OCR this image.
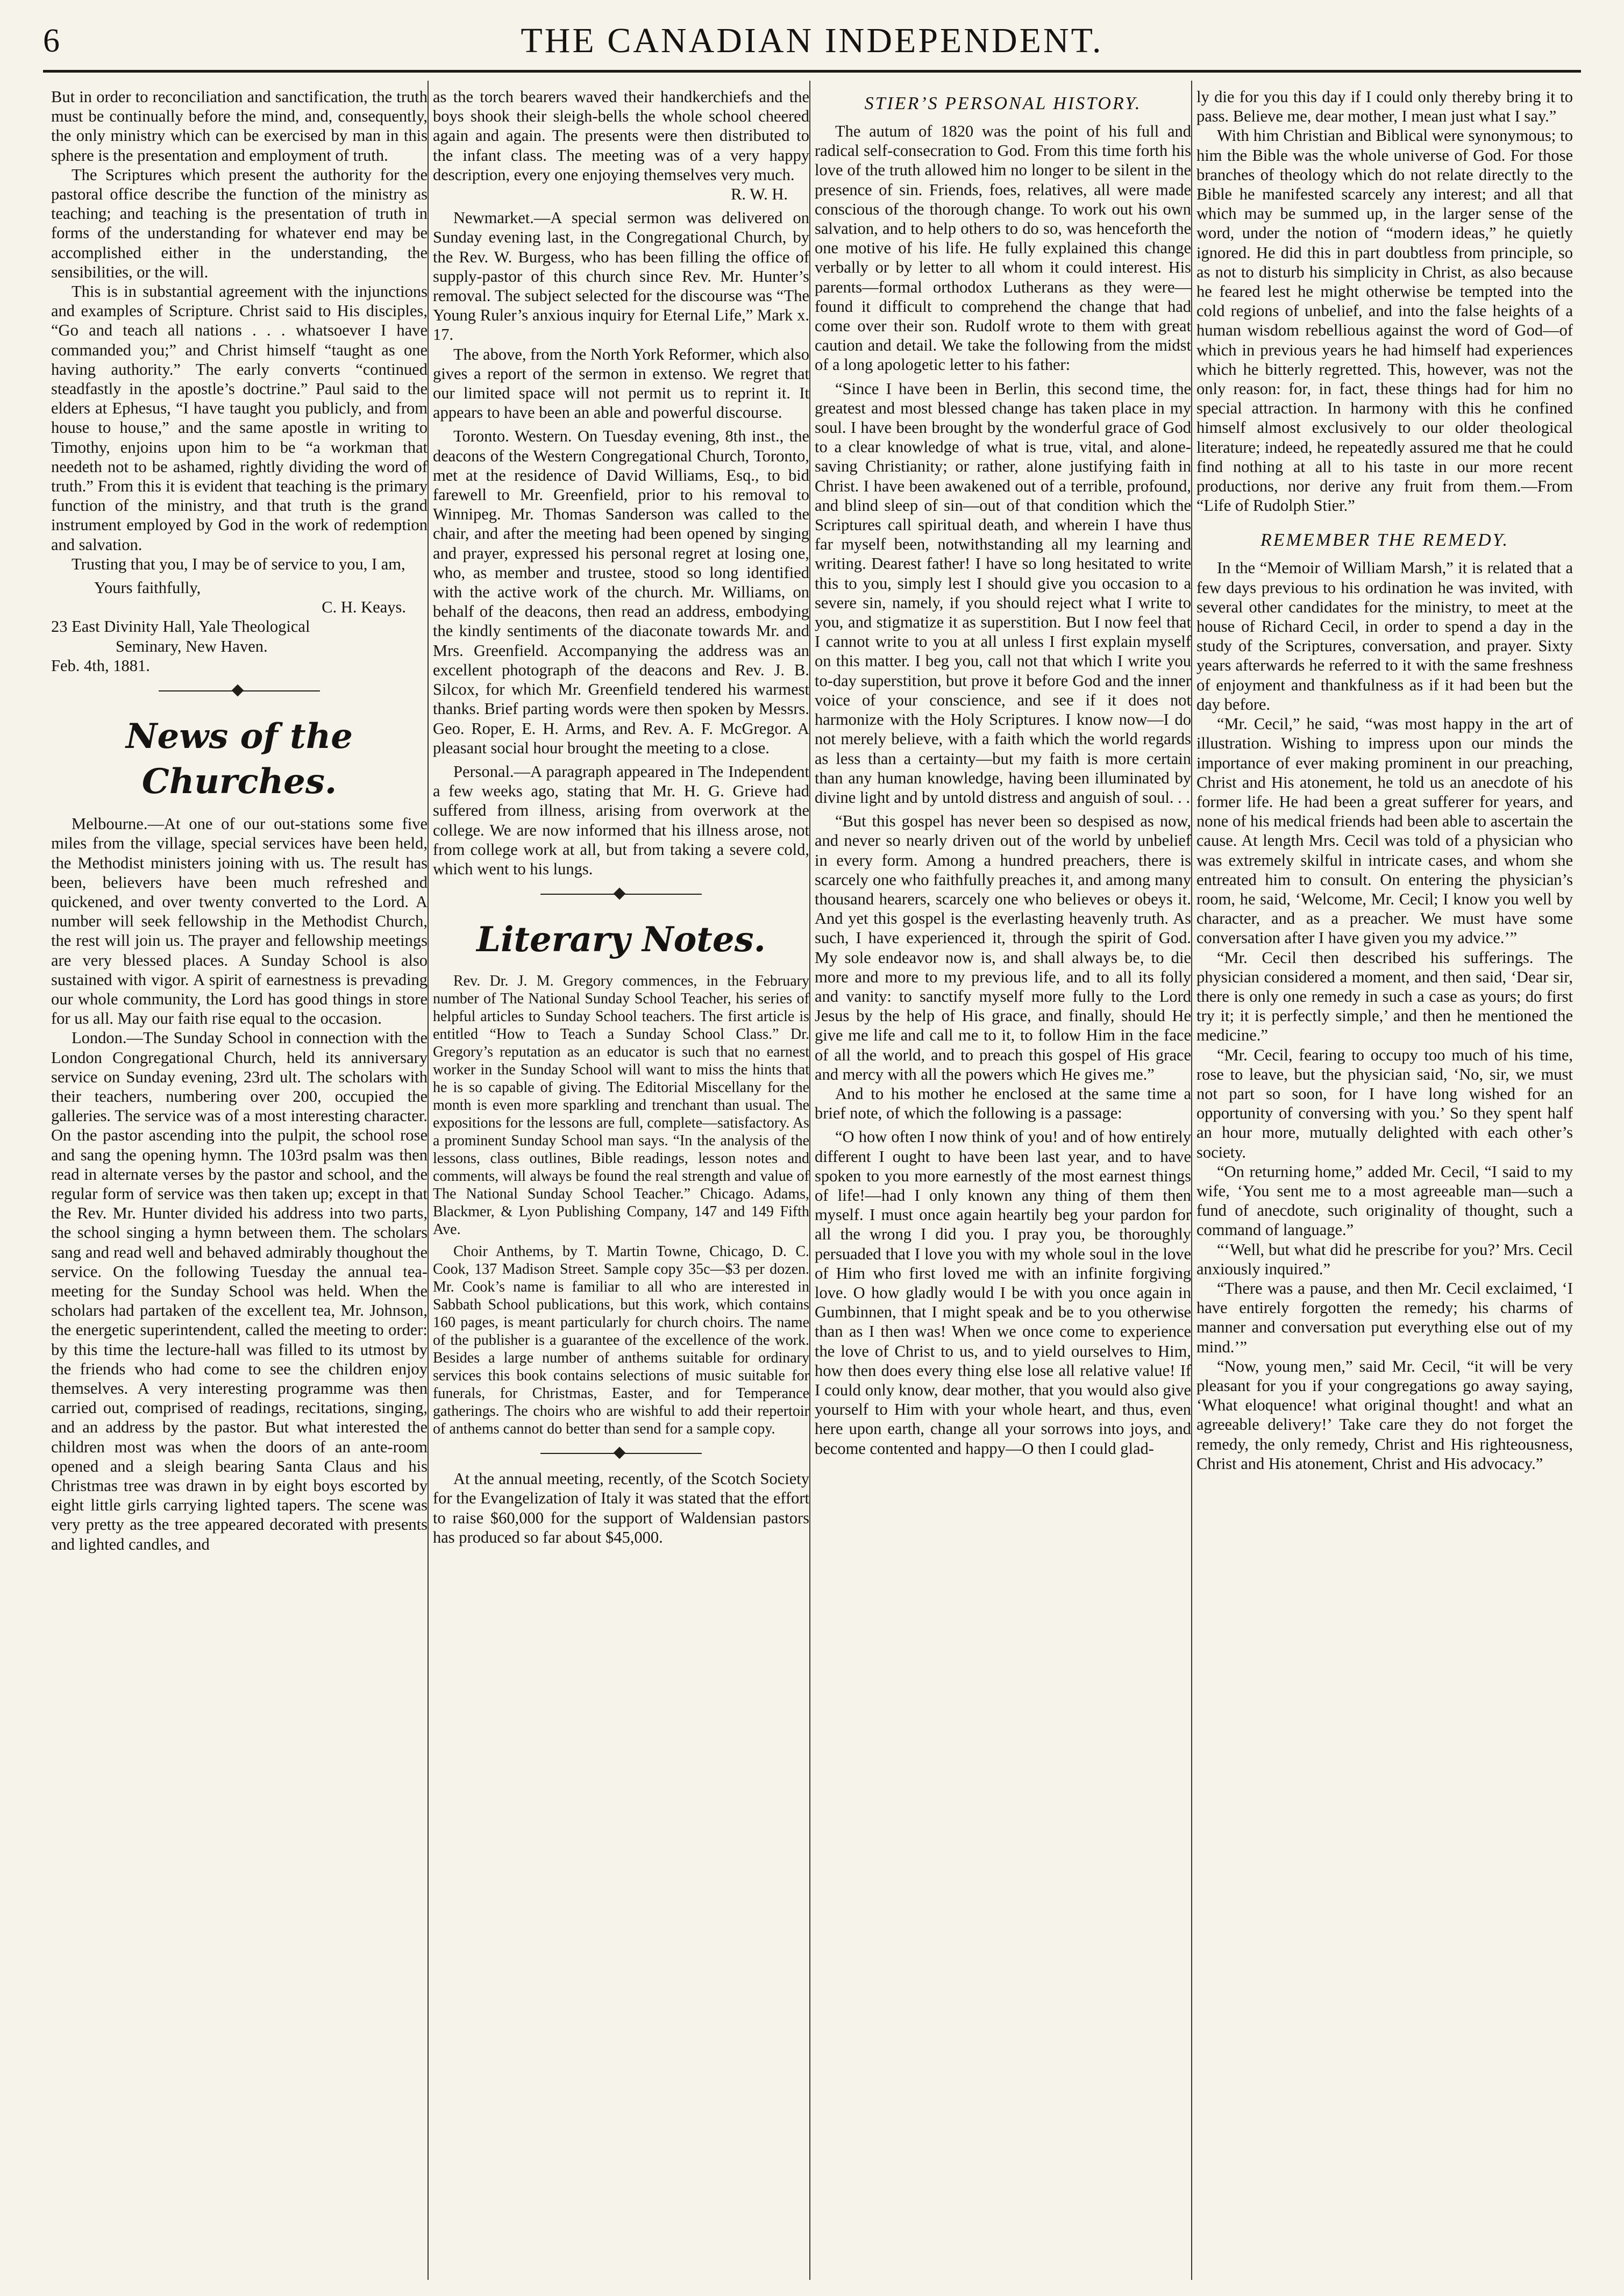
6	THE CANADIAN INDEPENDENT.

But in order to reconciliation and sanctification, the truth must be continually before the mind, and, consequently, the only ministry which can be exercised by man in this sphere is the presentation and employment of truth.

The Scriptures which present the authority for the pastoral office describe the function of the ministry as teaching; and teaching is the presentation of truth in forms of the understanding for whatever end may be accomplished either in the understanding, the sensibilities, or the will.

This is in substantial agreement with the injunctions and examples of Scripture. Christ said to His disciples, “Go and teach all nations . . . whatsoever I have commanded you;” and Christ himself “taught as one having authority.” The early converts “continued steadfastly in the apostle’s doctrine.” Paul said to the elders at Ephesus, “I have taught you publicly, and from house to house,” and the same apostle in writing to Timothy, enjoins upon him to be “a workman that needeth not to be ashamed, rightly dividing the word of truth.” From this it is evident that teaching is the primary function of the ministry, and that truth is the grand instrument employed by God in the work of redemption and salvation.

Trusting that you, I may be of service to you, I am,

Yours faithfully,

C. H. Keays.

23 East Divinity Hall, Yale Theological

Seminary, New Haven.

Feb. 4th, 1881.

News of the Churches.

Melbourne.—At one of our out-stations some five miles from the village, special services have been held, the Methodist ministers joining with us. The result has been, believers have been much refreshed and quickened, and over twenty converted to the Lord. A number will seek fellowship in the Methodist Church, the rest will join us. The prayer and fellowship meetings are very blessed places. A Sunday School is also sustained with vigor. A spirit of earnestness is prevading our whole community, the Lord has good things in store for us all. May our faith rise equal to the occasion.

London.—The Sunday School in connection with the London Congregational Church, held its anniversary service on Sunday evening, 23rd ult. The scholars with their teachers, numbering over 200, occupied the galleries. The service was of a most interesting character. On the pastor ascending into the pulpit, the school rose and sang the opening hymn. The 103rd psalm was then read in alternate verses by the pastor and school, and the regular form of service was then taken up; except in that the Rev. Mr. Hunter divided his address into two parts, the school singing a hymn between them. The scholars sang and read well and behaved admirably thoughout the service. On the following Tuesday the annual tea-meeting for the Sunday School was held. When the scholars had partaken of the excellent tea, Mr. Johnson, the energetic superintendent, called the meeting to order: by this time the lecture-hall was filled to its utmost by the friends who had come to see the children enjoy themselves. A very interesting programme was then carried out, comprised of readings, recitations, singing, and an address by the pastor. But what interested the children most was when the doors of an ante-room opened and a sleigh bearing Santa Claus and his Christmas tree was drawn in by eight boys escorted by eight little girls carrying lighted tapers. The scene was very pretty as the tree appeared decorated with presents and lighted candles, and

as the torch bearers waved their handkerchiefs and the boys shook their sleigh-bells the whole school cheered again and again. The presents were then distributed to the infant class. The meeting was of a very happy description, every one enjoying themselves very much.

R. W. H.

Newmarket.—A special sermon was delivered on Sunday evening last, in the Congregational Church, by the Rev. W. Burgess, who has been filling the office of supply-pastor of this church since Rev. Mr. Hunter’s removal. The subject selected for the discourse was “The Young Ruler’s anxious inquiry for Eternal Life,” Mark x. 17.

The above, from the North York Reformer, which also gives a report of the sermon in extenso. We regret that our limited space will not permit us to reprint it. It appears to have been an able and powerful discourse.

Toronto. Western. On Tuesday evening, 8th inst., the deacons of the Western Congregational Church, Toronto, met at the residence of David Williams, Esq., to bid farewell to Mr. Greenfield, prior to his removal to Winnipeg. Mr. Thomas Sanderson was called to the chair, and after the meeting had been opened by singing and prayer, expressed his personal regret at losing one, who, as member and trustee, stood so long identified with the active work of the church. Mr. Williams, on behalf of the deacons, then read an address, embodying the kindly sentiments of the diaconate towards Mr. and Mrs. Greenfield. Accompanying the address was an excellent photograph of the deacons and Rev. J. B. Silcox, for which Mr. Greenfield tendered his warmest thanks. Brief parting words were then spoken by Messrs. Geo. Roper, E. H. Arms, and Rev. A. F. McGregor. A pleasant social hour brought the meeting to a close.

Personal.—A paragraph appeared in The Independent a few weeks ago, stating that Mr. H. G. Grieve had suffered from illness, arising from overwork at the college. We are now informed that his illness arose, not from college work at all, but from taking a severe cold, which went to his lungs.

Literary Notes.

Rev. Dr. J. M. Gregory commences, in the February number of The National Sunday School Teacher, his series of helpful articles to Sunday School teachers. The first article is entitled “How to Teach a Sunday School Class.” Dr. Gregory’s reputation as an educator is such that no earnest worker in the Sunday School will want to miss the hints that he is so capable of giving. The Editorial Miscellany for the month is even more sparkling and trenchant than usual. The expositions for the lessons are full, complete—satisfactory. As a prominent Sunday School man says. “In the analysis of the lessons, class outlines, Bible readings, lesson notes and comments, will always be found the real strength and value of The National Sunday School Teacher.” Chicago. Adams, Blackmer, & Lyon Publishing Company, 147 and 149 Fifth Ave.

Choir Anthems, by T. Martin Towne, Chicago, D. C. Cook, 137 Madison Street. Sample copy 35c—$3 per dozen. Mr. Cook’s name is familiar to all who are interested in Sabbath School publications, but this work, which contains 160 pages, is meant particularly for church choirs. The name of the publisher is a guarantee of the excellence of the work. Besides a large number of anthems suitable for ordinary services this book contains selections of music suitable for funerals, for Christmas, Easter, and for Temperance gatherings. The choirs who are wishful to add their repertoir of anthems cannot do better than send for a sample copy.

At the annual meeting, recently, of the Scotch Society for the Evangelization of Italy it was stated that the effort to raise $60,000 for the support of Waldensian pastors has produced so far about $45,000.

STIER’S PERSONAL HISTORY.

The autum of 1820 was the point of his full and radical self-consecration to God. From this time forth his love of the truth allowed him no longer to be silent in the presence of sin. Friends, foes, relatives, all were made conscious of the thorough change. To work out his own salvation, and to help others to do so, was henceforth the one motive of his life. He fully explained this change verbally or by letter to all whom it could interest. His parents—formal orthodox Lutherans as they were—found it difficult to comprehend the change that had come over their son. Rudolf wrote to them with great caution and detail. We take the following from the midst of a long apologetic letter to his father:

“Since I have been in Berlin, this second time, the greatest and most blessed change has taken place in my soul. I have been brought by the wonderful grace of God to a clear knowledge of what is true, vital, and alone-saving Christianity; or rather, alone justifying faith in Christ. I have been awakened out of a terrible, profound, and blind sleep of sin—out of that condition which the Scriptures call spiritual death, and wherein I have thus far myself been, notwithstanding all my learning and writing. Dearest father! I have so long hesitated to write this to you, simply lest I should give you occasion to a severe sin, namely, if you should reject what I write to you, and stigmatize it as superstition. But I now feel that I cannot write to you at all unless I first explain myself on this matter. I beg you, call not that which I write you to-day superstition, but prove it before God and the inner voice of your conscience, and see if it does not harmonize with the Holy Scriptures. I know now—I do not merely believe, with a faith which the world regards as less than a certainty—but my faith is more certain than any human knowledge, having been illuminated by divine light and by untold distress and anguish of soul. . .

“But this gospel has never been so despised as now, and never so nearly driven out of the world by unbelief in every form. Among a hundred preachers, there is scarcely one who faithfully preaches it, and among many thousand hearers, scarcely one who believes or obeys it. And yet this gospel is the everlasting heavenly truth. As such, I have experienced it, through the spirit of God. My sole endeavor now is, and shall always be, to die more and more to my previous life, and to all its folly and vanity: to sanctify myself more fully to the Lord Jesus by the help of His grace, and finally, should He give me life and call me to it, to follow Him in the face of all the world, and to preach this gospel of His grace and mercy with all the powers which He gives me.”

And to his mother he enclosed at the same time a brief note, of which the following is a passage:

“O how often I now think of you! and of how entirely different I ought to have been last year, and to have spoken to you more earnestly of the most earnest things of life!—had I only known any thing of them then myself. I must once again heartily beg your pardon for all the wrong I did you. I pray you, be thoroughly persuaded that I love you with my whole soul in the love of Him who first loved me with an infinite forgiving love. O how gladly would I be with you once again in Gumbinnen, that I might speak and be to you otherwise than as I then was! When we once come to experience the love of Christ to us, and to yield ourselves to Him, how then does every thing else lose all relative value! If I could only know, dear mother, that you would also give yourself to Him with your whole heart, and thus, even here upon earth, change all your sorrows into joys, and become contented and happy—O then I could glad-

ly die for you this day if I could only thereby bring it to pass. Believe me, dear mother, I mean just what I say.”

With him Christian and Biblical were synonymous; to him the Bible was the whole universe of God. For those branches of theology which do not relate directly to the Bible he manifested scarcely any interest; and all that which may be summed up, in the larger sense of the word, under the notion of “modern ideas,” he quietly ignored. He did this in part doubtless from principle, so as not to disturb his simplicity in Christ, as also because he feared lest he might otherwise be tempted into the cold regions of unbelief, and into the false heights of a human wisdom rebellious against the word of God—of which in previous years he had himself had experiences which he bitterly regretted. This, however, was not the only reason: for, in fact, these things had for him no special attraction. In harmony with this he confined himself almost exclusively to our older theological literature; indeed, he repeatedly assured me that he could find nothing at all to his taste in our more recent productions, nor derive any fruit from them.—From “Life of Rudolph Stier.”

REMEMBER THE REMEDY.

In the “Memoir of William Marsh,” it is related that a few days previous to his ordination he was invited, with several other candidates for the ministry, to meet at the house of Richard Cecil, in order to spend a day in the study of the Scriptures, conversation, and prayer. Sixty years afterwards he referred to it with the same freshness of enjoyment and thankfulness as if it had been but the day before.

“Mr. Cecil,” he said, “was most happy in the art of illustration. Wishing to impress upon our minds the importance of ever making prominent in our preaching, Christ and His atonement, he told us an anecdote of his former life. He had been a great sufferer for years, and none of his medical friends had been able to ascertain the cause. At length Mrs. Cecil was told of a physician who was extremely skilful in intricate cases, and whom she entreated him to consult. On entering the physician’s room, he said, ‘Welcome, Mr. Cecil; I know you well by character, and as a preacher. We must have some conversation after I have given you my advice.’”

“Mr. Cecil then described his sufferings. The physician considered a moment, and then said, ‘Dear sir, there is only one remedy in such a case as yours; do first try it; it is perfectly simple,’ and then he mentioned the medicine.”

“Mr. Cecil, fearing to occupy too much of his time, rose to leave, but the physician said, ‘No, sir, we must not part so soon, for I have long wished for an opportunity of conversing with you.’ So they spent half an hour more, mutually delighted with each other’s society.

“On returning home,” added Mr. Cecil, “I said to my wife, ‘You sent me to a most agreeable man—such a fund of anecdote, such originality of thought, such a command of language.”

“‘Well, but what did he prescribe for you?’ Mrs. Cecil anxiously inquired.”

“There was a pause, and then Mr. Cecil exclaimed, ‘I have entirely forgotten the remedy; his charms of manner and conversation put everything else out of my mind.’”

“Now, young men,” said Mr. Cecil, “it will be very pleasant for you if your congregations go away saying, ‘What eloquence! what original thought! and what an agreeable delivery!’ Take care they do not forget the remedy, the only remedy, Christ and His righteousness, Christ and His atonement, Christ and His advocacy.”
